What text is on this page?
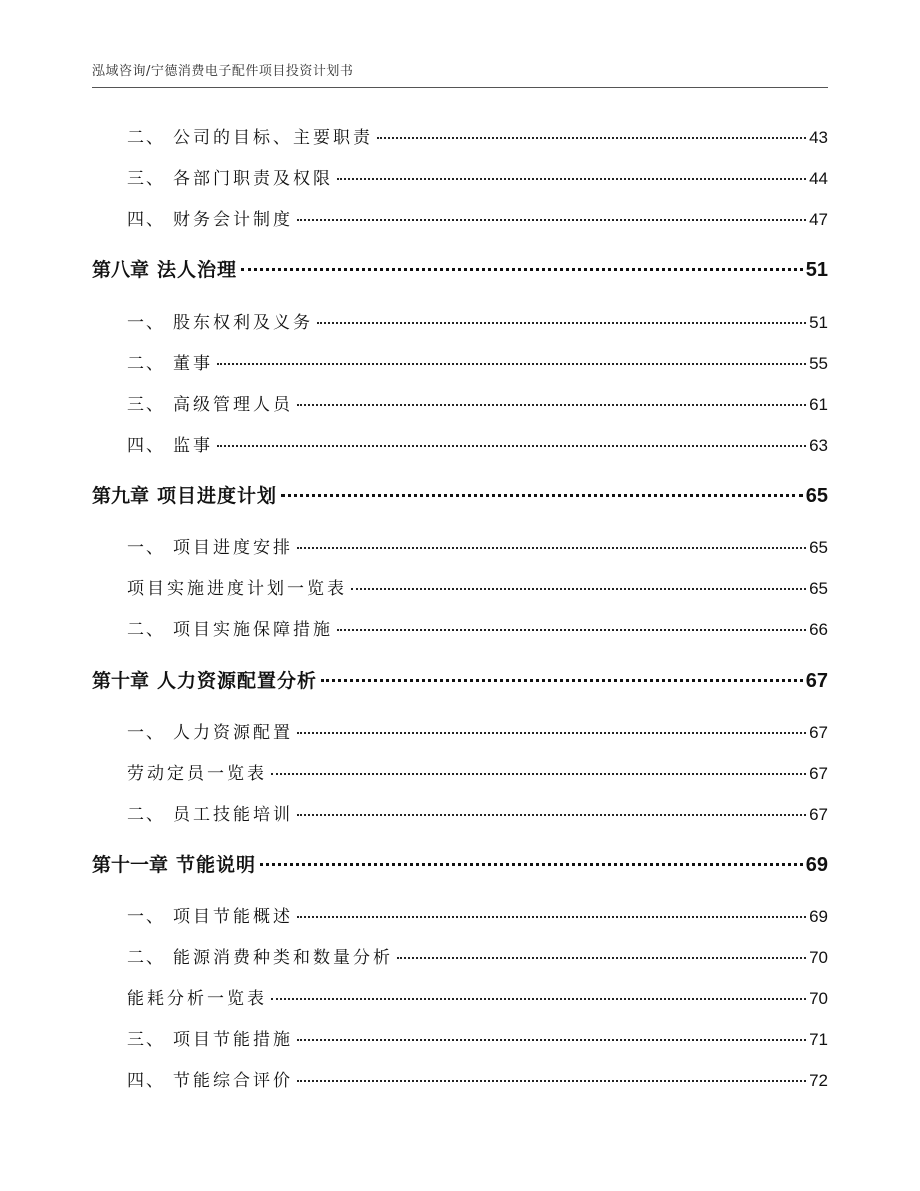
泓域咨询/宁德消费电子配件项目投资计划书
二、 公司的目标、主要职责	43
三、 各部门职责及权限	44
四、 财务会计制度	47
第八章 法人治理	51
一、 股东权利及义务	51
二、 董事	55
三、 高级管理人员	61
四、 监事	63
第九章 项目进度计划	65
一、 项目进度安排	65
项目实施进度计划一览表	65
二、 项目实施保障措施	66
第十章 人力资源配置分析	67
一、 人力资源配置	67
劳动定员一览表	67
二、 员工技能培训	67
第十一章 节能说明	69
一、 项目节能概述	69
二、 能源消费种类和数量分析	70
能耗分析一览表	70
三、 项目节能措施	71
四、 节能综合评价	72
